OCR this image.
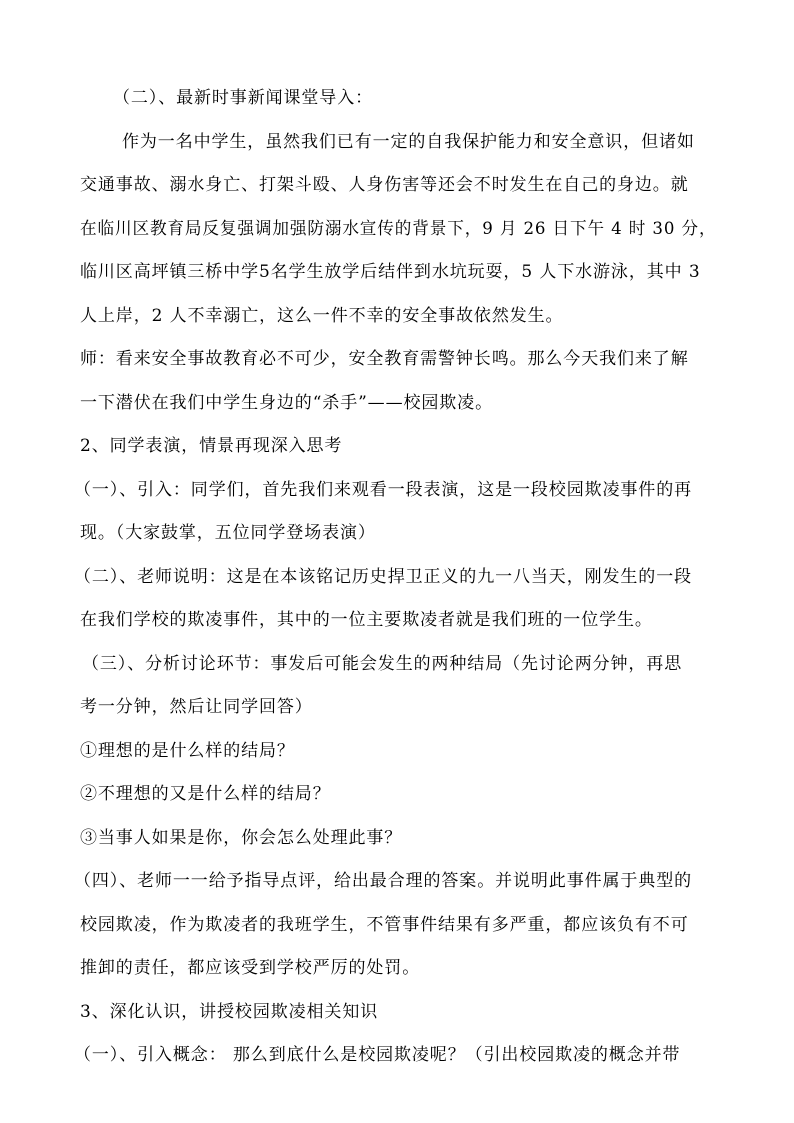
（二）、最新时事新闻课堂导入：
作为一名中学生，虽然我们已有一定的自我保护能力和安全意识，但诸如
交通事故、溺水身亡、打架斗殴、人身伤害等还会不时发生在自己的身边。就
在临川区教育局反复强调加强防溺水宣传的背景下，9 月 26 日下午 4 时 30 分，
临川区高坪镇三桥中学5名学生放学后结伴到水坑玩耍，5 人下水游泳，其中 3
人上岸，2 人不幸溺亡，这么一件不幸的安全事故依然发生。
师：看来安全事故教育必不可少，安全教育需警钟长鸣。那么今天我们来了解
一下潜伏在我们中学生身边的“杀手”——校园欺凌。
2、同学表演，情景再现深入思考
（一）、引入：同学们，首先我们来观看一段表演，这是一段校园欺凌事件的再
现。（大家鼓掌，五位同学登场表演）
（二）、老师说明：这是在本该铭记历史捍卫正义的九一八当天，刚发生的一段
在我们学校的欺凌事件，其中的一位主要欺凌者就是我们班的一位学生。
（三）、分析讨论环节：事发后可能会发生的两种结局（先讨论两分钟，再思
考一分钟，然后让同学回答）
①理想的是什么样的结局？
②不理想的又是什么样的结局？
③当事人如果是你，你会怎么处理此事？
（四）、老师一一给予指导点评，给出最合理的答案。并说明此事件属于典型的
校园欺凌，作为欺凌者的我班学生，不管事件结果有多严重，都应该负有不可
推卸的责任，都应该受到学校严厉的处罚。
3、深化认识，讲授校园欺凌相关知识
（一）、引入概念： 那么到底什么是校园欺凌呢？（引出校园欺凌的概念并带
